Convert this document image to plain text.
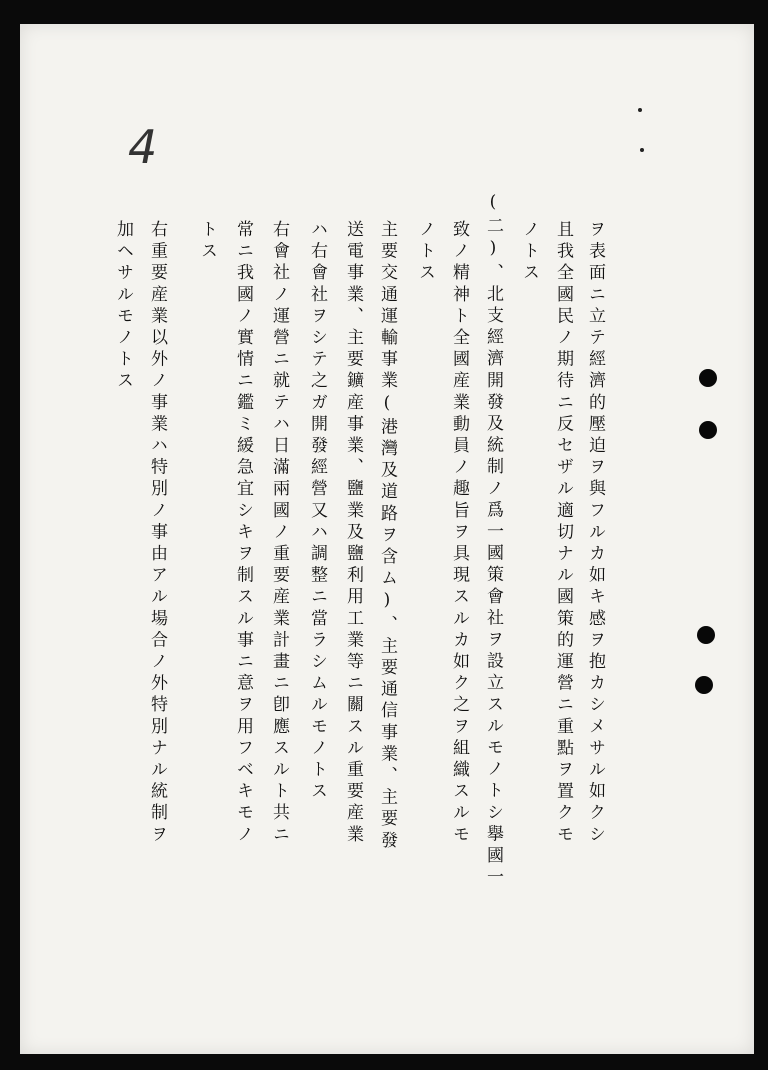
4
ヲ表面ニ立テ經濟的壓迫ヲ與フルカ如キ感ヲ抱カシメサル如クシ
且我全國民ノ期待ニ反セザル適切ナル國策的運營ニ重點ヲ置クモ
ノトス
(二)、北支經濟開發及統制ノ爲一國策會社ヲ設立スルモノトシ擧國一
致ノ精神ト全國産業動員ノ趣旨ヲ具現スルカ如ク之ヲ組織スルモ
ノトス
主要交通運輸事業(港灣及道路ヲ含ム)、主要通信事業、主要發
送電事業、主要鑛産事業、鹽業及鹽利用工業等ニ關スル重要産業
ハ右會社ヲシテ之ガ開發經營又ハ調整ニ當ラシムルモノトス
右會社ノ運營ニ就テハ日滿兩國ノ重要産業計畫ニ卽應スルト共ニ
常ニ我國ノ實情ニ鑑ミ緩急宜シキヲ制スル事ニ意ヲ用フベキモノ
トス
右重要産業以外ノ事業ハ特別ノ事由アル場合ノ外特別ナル統制ヲ
加ヘサルモノトス
